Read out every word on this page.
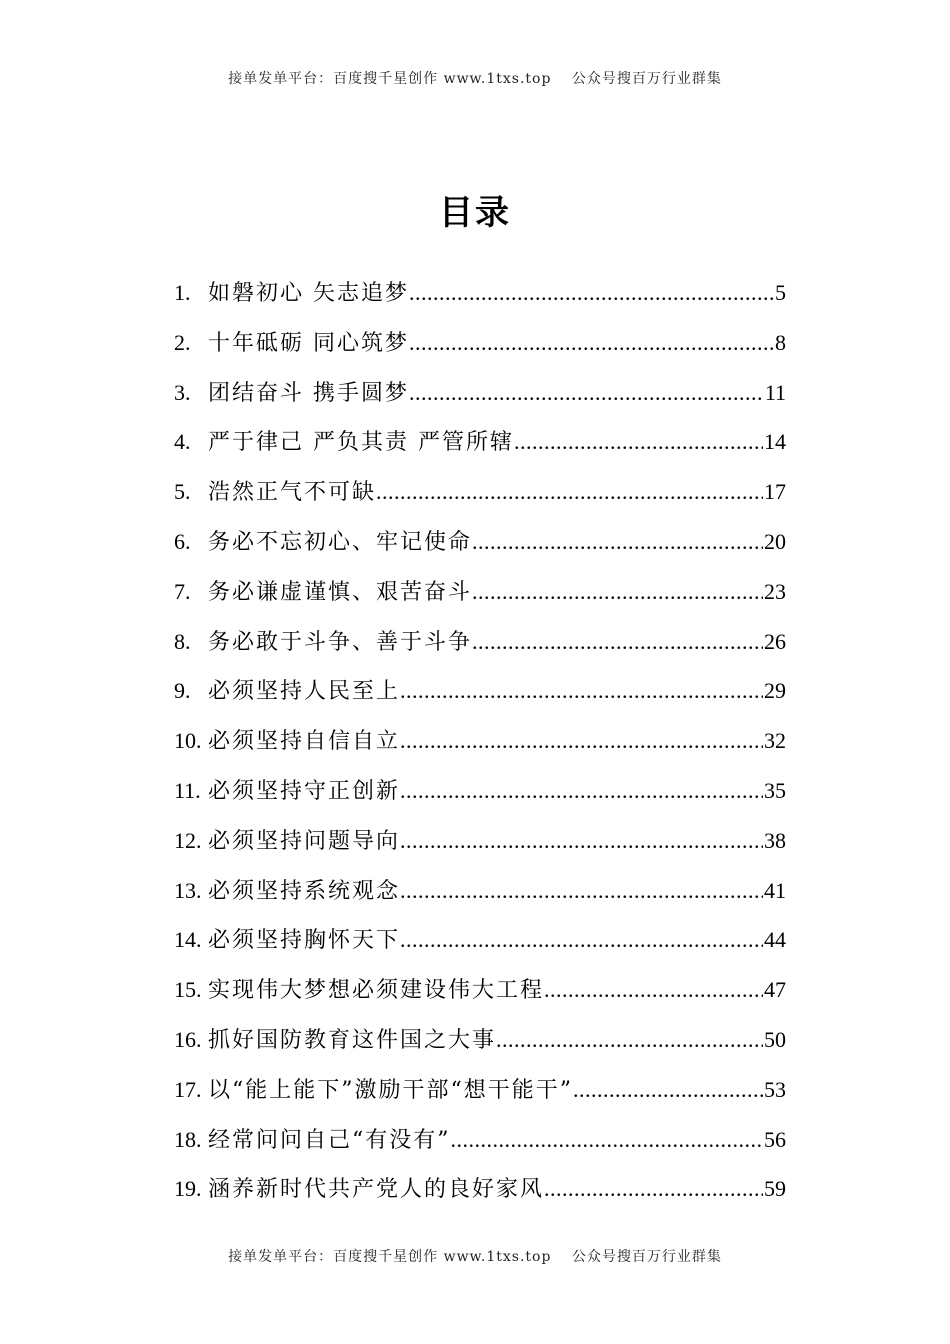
接单发单平台：百度搜千星创作 www.1txs.top　 公众号搜百万行业群集
目录
1. 如磐初心 矢志追梦 .....	5
2. 十年砥砺 同心筑梦 .....	8
3. 团结奋斗 携手圆梦 .....	11
4. 严于律己 严负其责 严管所辖 .....	14
5. 浩然正气不可缺 .....	17
6. 务必不忘初心、牢记使命 .....	20
7. 务必谦虚谨慎、艰苦奋斗 .....	23
8. 务必敢于斗争、善于斗争 .....	26
9. 必须坚持人民至上 .....	29
10. 必须坚持自信自立 .....	32
11. 必须坚持守正创新 .....	35
12. 必须坚持问题导向 .....	38
13. 必须坚持系统观念 .....	41
14. 必须坚持胸怀天下 .....	44
15. 实现伟大梦想必须建设伟大工程 .....	47
16. 抓好国防教育这件国之大事 .....	50
17. 以“能上能下”激励干部“想干能干” .....	53
18. 经常问问自己“有没有” .....	56
19. 涵养新时代共产党人的良好家风 .....	59
接单发单平台：百度搜千星创作 www.1txs.top　 公众号搜百万行业群集
